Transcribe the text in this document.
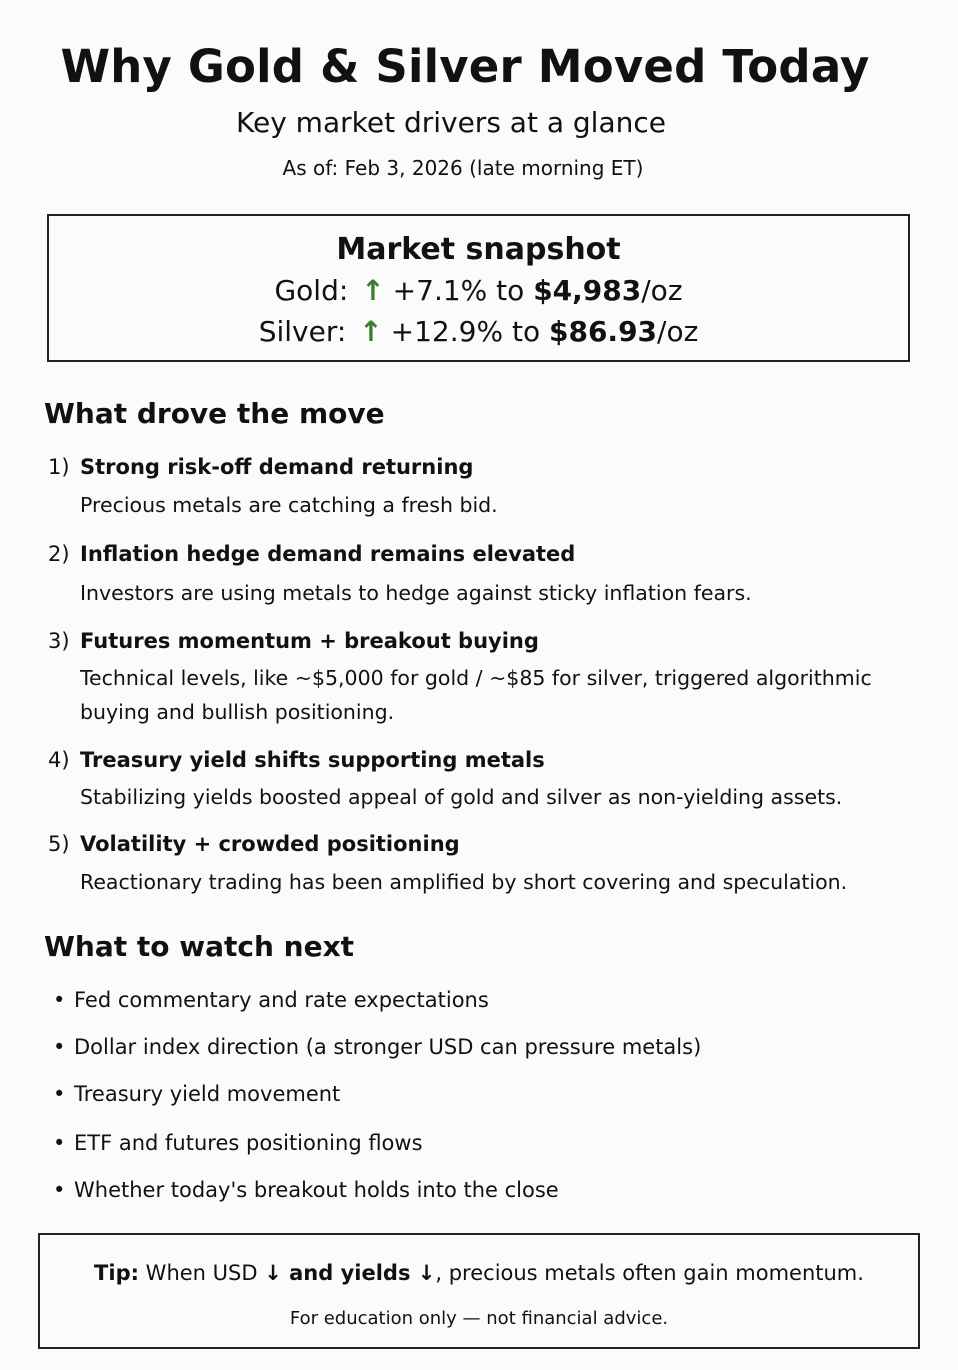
Why Gold & Silver Moved Today
Key market drivers at a glance
As of: Feb 3, 2026 (late morning ET)
Market snapshot
Gold: ↑ +7.1% to $4,983/oz
Silver: ↑ +12.9% to $86.93/oz
What drove the move
1) Strong risk-off demand returning
Precious metals are catching a fresh bid.
2) Inflation hedge demand remains elevated
Investors are using metals to hedge against sticky inflation fears.
3) Futures momentum + breakout buying
Technical levels, like ~$5,000 for gold / ~$85 for silver, triggered algorithmic buying and bullish positioning.
4) Treasury yield shifts supporting metals
Stabilizing yields boosted appeal of gold and silver as non-yielding assets.
5) Volatility + crowded positioning
Reactionary trading has been amplified by short covering and speculation.
What to watch next
• Fed commentary and rate expectations
• Dollar index direction (a stronger USD can pressure metals)
• Treasury yield movement
• ETF and futures positioning flows
• Whether today's breakout holds into the close
Tip: When USD ↓ and yields ↓, precious metals often gain momentum.
For education only — not financial advice.
